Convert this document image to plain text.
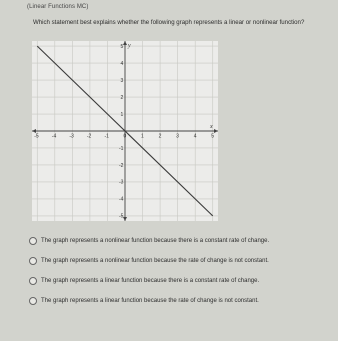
(Linear Functions MC)
Which statement best explains whether the following graph represents a linear or nonlinear function?
x
y
-5	-4	-3	-2	-1	0	1	2	3	4	5
5
4
3
2
1
-1
-2
-3
-4
-5
The graph represents a nonlinear function because there is a constant rate of change.
The graph represents a nonlinear function because the rate of change is not constant.
The graph represents a linear function because there is a constant rate of change.
The graph represents a linear function because the rate of change is not constant.
